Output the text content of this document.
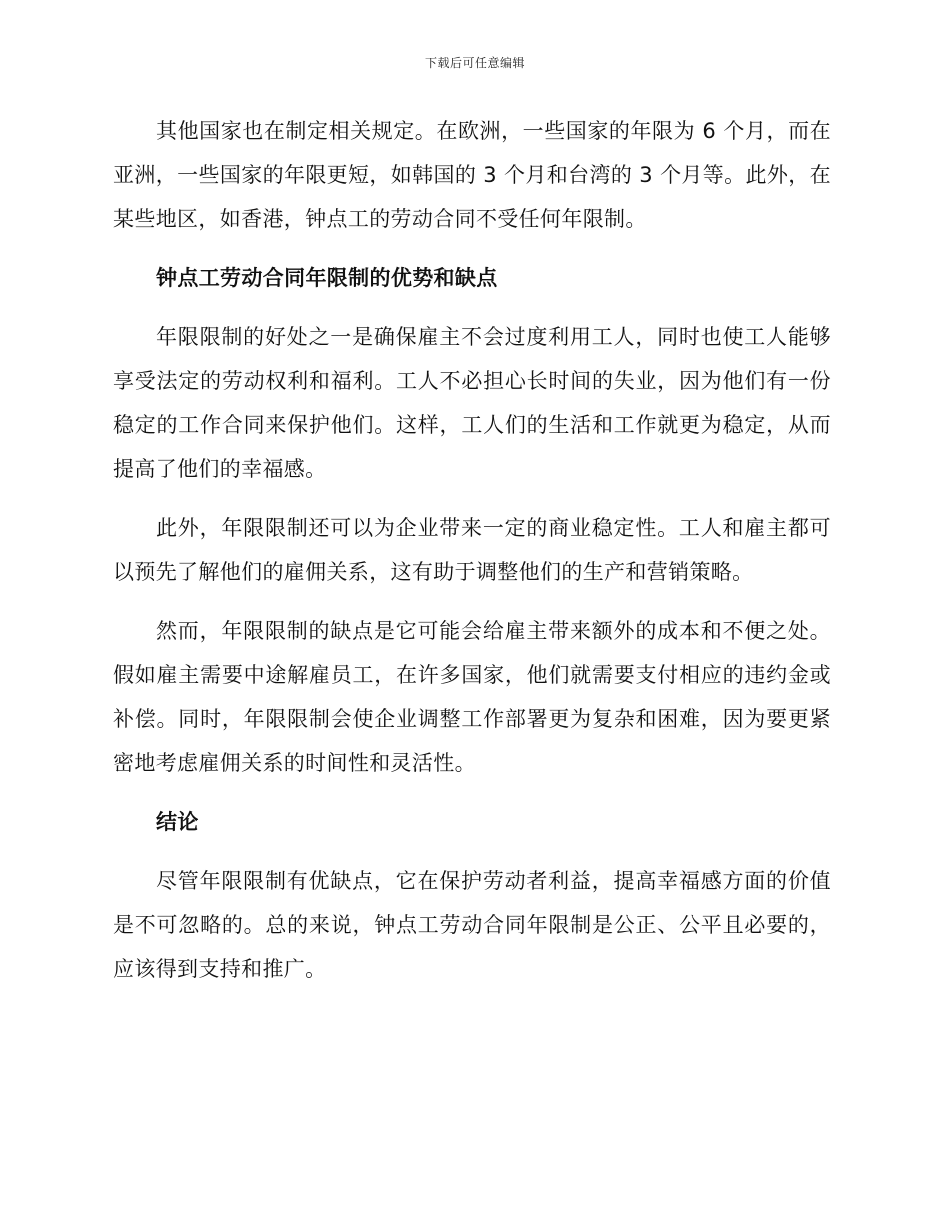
下载后可任意编辑

其他国家也在制定相关规定。在欧洲，一些国家的年限为 6 个月，而在亚洲，一些国家的年限更短，如韩国的 3 个月和台湾的 3 个月等。此外，在某些地区，如香港，钟点工的劳动合同不受任何年限制。

钟点工劳动合同年限制的优势和缺点

年限限制的好处之一是确保雇主不会过度利用工人，同时也使工人能够享受法定的劳动权利和福利。工人不必担心长时间的失业，因为他们有一份稳定的工作合同来保护他们。这样，工人们的生活和工作就更为稳定，从而提高了他们的幸福感。

此外，年限限制还可以为企业带来一定的商业稳定性。工人和雇主都可以预先了解他们的雇佣关系，这有助于调整他们的生产和营销策略。

然而，年限限制的缺点是它可能会给雇主带来额外的成本和不便之处。假如雇主需要中途解雇员工，在许多国家，他们就需要支付相应的违约金或补偿。同时，年限限制会使企业调整工作部署更为复杂和困难，因为要更紧密地考虑雇佣关系的时间性和灵活性。

结论

尽管年限限制有优缺点，它在保护劳动者利益，提高幸福感方面的价值是不可忽略的。总的来说，钟点工劳动合同年限制是公正、公平且必要的，应该得到支持和推广。
